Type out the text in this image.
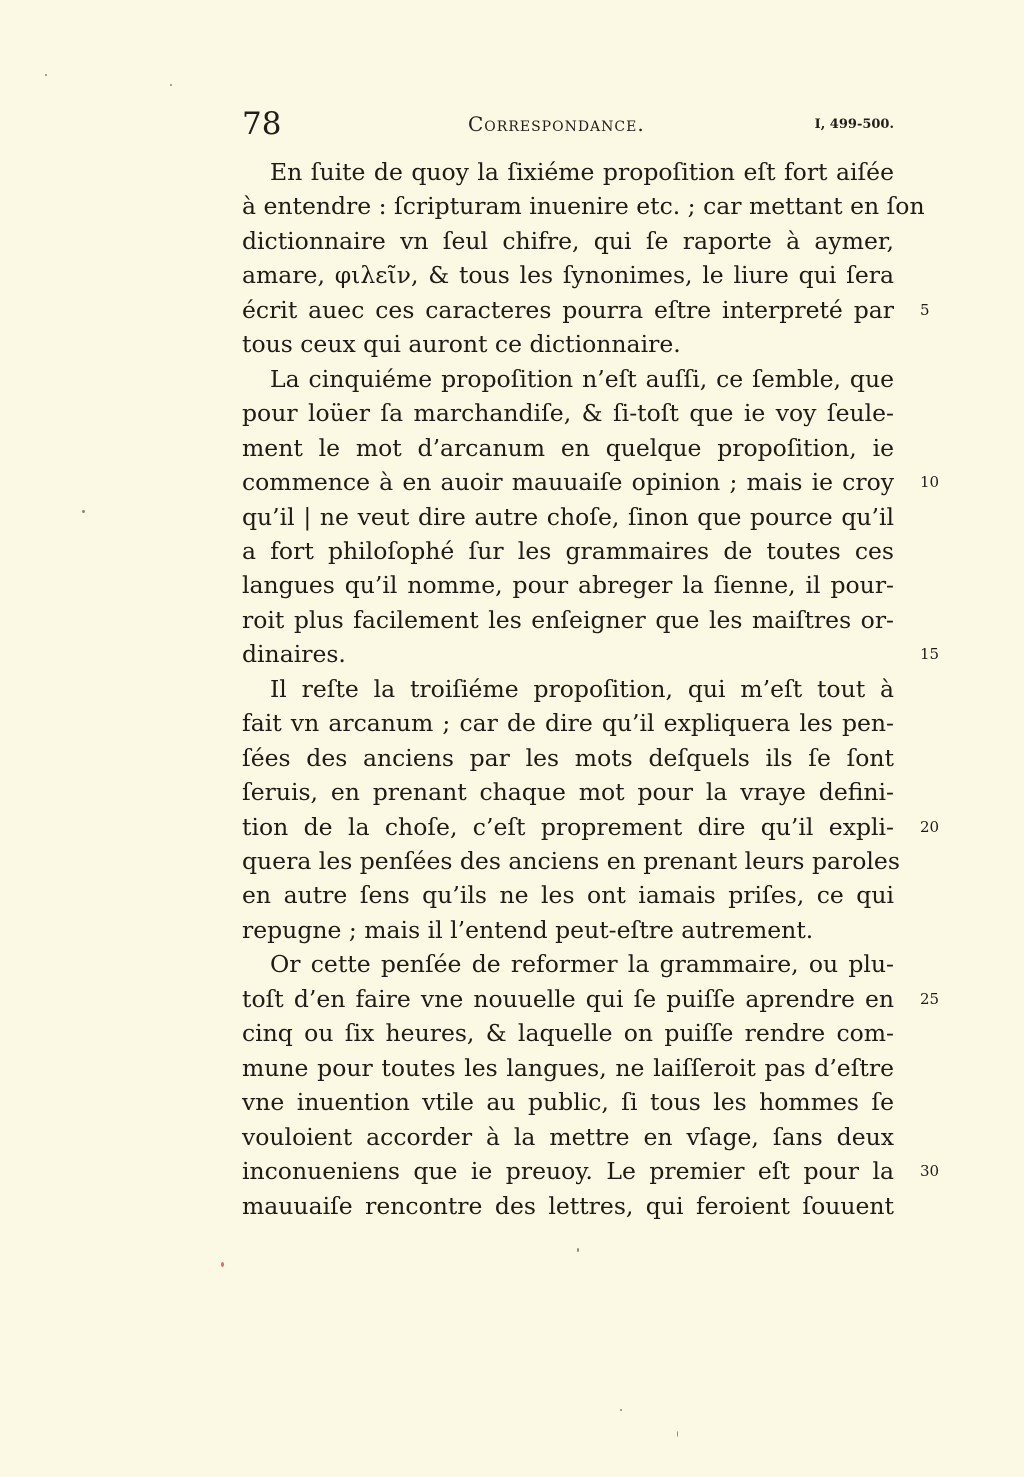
78	Correspondance.	I, 499-500.
En ſuite de quoy la ſixiéme propoſition eſt fort aiſée
à entendre : ſcripturam inuenire etc. ; car mettant en ſon
dictionnaire vn ſeul chifre, qui ſe raporte à aymer,
amare, φιλεῖν, & tous les ſynonimes, le liure qui ſera
écrit auec ces caracteres pourra eſtre interpreté par
tous ceux qui auront ce dictionnaire.
La cinquiéme propoſition n’eſt auſſi, ce ſemble, que
pour loüer ſa marchandiſe, & ſi-toſt que ie voy ſeule-
ment le mot d’arcanum en quelque propoſition, ie
commence à en auoir mauuaiſe opinion ; mais ie croy
qu’il | ne veut dire autre choſe, ſinon que pource qu’il
a fort philoſophé ſur les grammaires de toutes ces
langues qu’il nomme, pour abreger la ſienne, il pour-
roit plus facilement les enſeigner que les maiſtres or-
dinaires.
Il reſte la troiſiéme propoſition, qui m’eſt tout à
fait vn arcanum ; car de dire qu’il expliquera les pen-
ſées des anciens par les mots deſquels ils ſe ſont
ſeruis, en prenant chaque mot pour la vraye defini-
tion de la choſe, c’eſt proprement dire qu’il expli-
quera les penſées des anciens en prenant leurs paroles
en autre ſens qu’ils ne les ont iamais priſes, ce qui
repugne ; mais il l’entend peut-eſtre autrement.
Or cette penſée de reformer la grammaire, ou plu-
toſt d’en faire vne nouuelle qui ſe puiſſe aprendre en
cinq ou ſix heures, & laquelle on puiſſe rendre com-
mune pour toutes les langues, ne laiſſeroit pas d’eſtre
vne inuention vtile au public, ſi tous les hommes ſe
vouloient accorder à la mettre en vſage, ſans deux
inconueniens que ie preuoy. Le premier eſt pour la
mauuaiſe rencontre des lettres, qui feroient ſouuent
5
10
15
20
25
30
